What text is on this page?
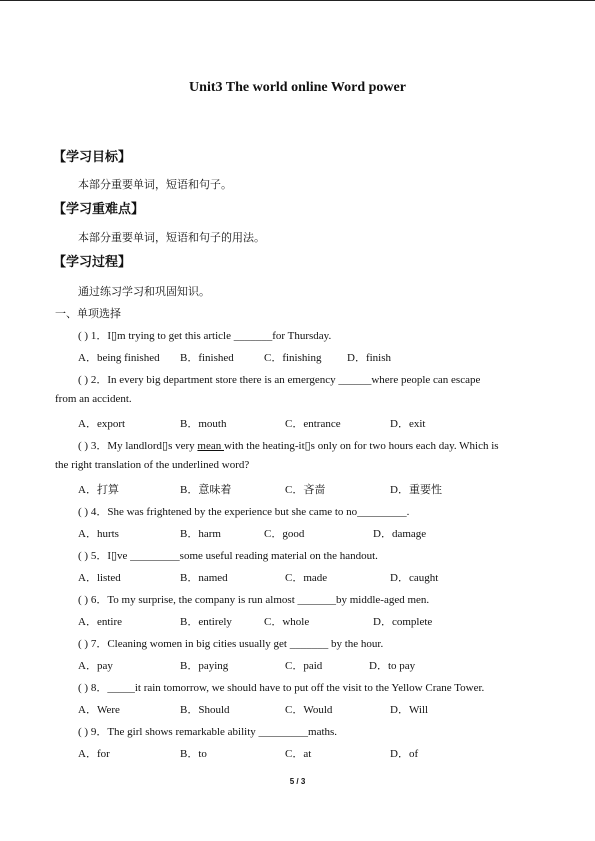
Unit3 The world online Word power
【学习目标】
本部分重要单词，短语和句子。
【学习重难点】
本部分重要单词，短语和句子的用法。
【学习过程】
通过练习学习和巩固知识。
一、单项选择
( ) 1．I▯m trying to get this article _______for Thursday.
A．being finished B．finished	C．finishing D．finish
( ) 2．In every big department store there is an emergency ______where people can escape
from an accident.
A．export	B．mouth	C．entrance	D．exit
( ) 3．My landlord▯s very mean with the heating-it▯s only on for two hours each day. Which is
the right translation of the underlined word?
A．打算	B．意味着	C．吝啬	D．重要性
( ) 4．She was frightened by the experience but she came to no_________.
A．hurts	B．harm	C．good	D．damage
( ) 5．I▯ve _________some useful reading material on the handout.
A．listed	B．named	C．made	D．caught
( ) 6．To my surprise, the company is run almost _______by middle-aged men.
A．entire	B．entirely	C．whole	D．complete
( ) 7．Cleaning women in big cities usually get _______ by the hour.
A．pay	B．paying	C．paid	D．to pay
( ) 8．_____it rain tomorrow, we should have to put off the visit to the Yellow Crane Tower.
A．Were	B．Should	C．Would	D．Will
( ) 9．The girl shows remarkable ability _________maths.
A．for	B．to	C．at	D．of
5 / 3
